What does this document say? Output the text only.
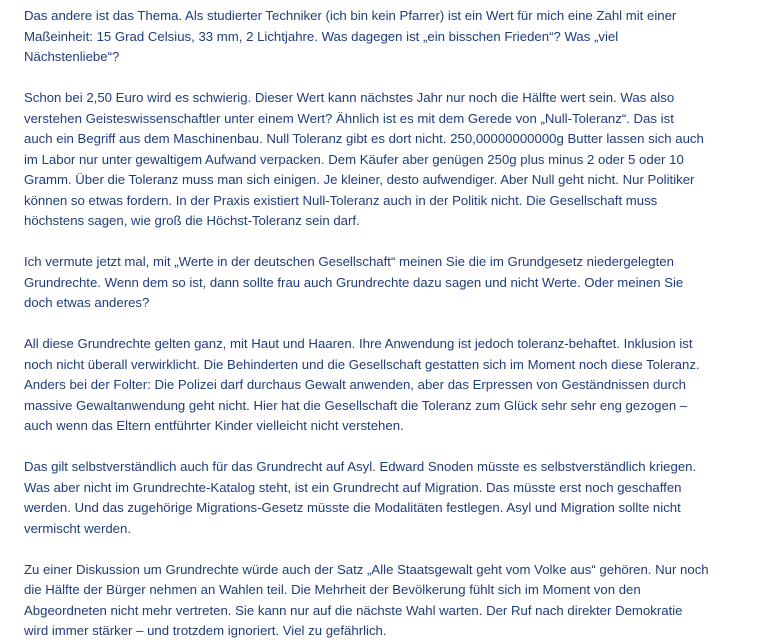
Das andere ist das Thema. Als studierter Techniker (ich bin kein Pfarrer) ist ein Wert für mich eine Zahl mit einer
Maßeinheit: 15 Grad Celsius, 33 mm, 2 Lichtjahre. Was dagegen ist „ein bisschen Frieden“? Was „viel
Nächstenliebe“?

Schon bei 2,50 Euro wird es schwierig. Dieser Wert kann nächstes Jahr nur noch die Hälfte wert sein. Was also
verstehen Geisteswissenschaftler unter einem Wert? Ähnlich ist es mit dem Gerede von „Null-Toleranz“. Das ist
auch ein Begriff aus dem Maschinenbau. Null Toleranz gibt es dort nicht. 250,00000000000g Butter lassen sich auch
im Labor nur unter gewaltigem Aufwand verpacken. Dem Käufer aber genügen 250g plus minus 2 oder 5 oder 10
Gramm. Über die Toleranz muss man sich einigen. Je kleiner, desto aufwendiger. Aber Null geht nicht. Nur Politiker
können so etwas fordern. In der Praxis existiert Null-Toleranz auch in der Politik nicht. Die Gesellschaft muss
höchstens sagen, wie groß die Höchst-Toleranz sein darf.

Ich vermute jetzt mal, mit „Werte in der deutschen Gesellschaft“ meinen Sie die im Grundgesetz niedergelegten
Grundrechte. Wenn dem so ist, dann sollte frau auch Grundrechte dazu sagen und nicht Werte. Oder meinen Sie
doch etwas anderes?

All diese Grundrechte gelten ganz, mit Haut und Haaren. Ihre Anwendung ist jedoch toleranz-behaftet. Inklusion ist
noch nicht überall verwirklicht. Die Behinderten und die Gesellschaft gestatten sich im Moment noch diese Toleranz.
Anders bei der Folter: Die Polizei darf durchaus Gewalt anwenden, aber das Erpressen von Geständnissen durch
massive Gewaltanwendung geht nicht. Hier hat die Gesellschaft die Toleranz zum Glück sehr sehr eng gezogen –
auch wenn das Eltern entführter Kinder vielleicht nicht verstehen.

Das gilt selbstverständlich auch für das Grundrecht auf Asyl. Edward Snoden müsste es selbstverständlich kriegen.
Was aber nicht im Grundrechte-Katalog steht, ist ein Grundrecht auf Migration. Das müsste erst noch geschaffen
werden. Und das zugehörige Migrations-Gesetz müsste die Modalitäten festlegen. Asyl und Migration sollte nicht
vermischt werden.

Zu einer Diskussion um Grundrechte würde auch der Satz „Alle Staatsgewalt geht vom Volke aus“ gehören. Nur noch
die Hälfte der Bürger nehmen an Wahlen teil. Die Mehrheit der Bevölkerung fühlt sich im Moment von den
Abgeordneten nicht mehr vertreten. Sie kann nur auf die nächste Wahl warten. Der Ruf nach direkter Demokratie
wird immer stärker – und trotzdem ignoriert. Viel zu gefährlich.
